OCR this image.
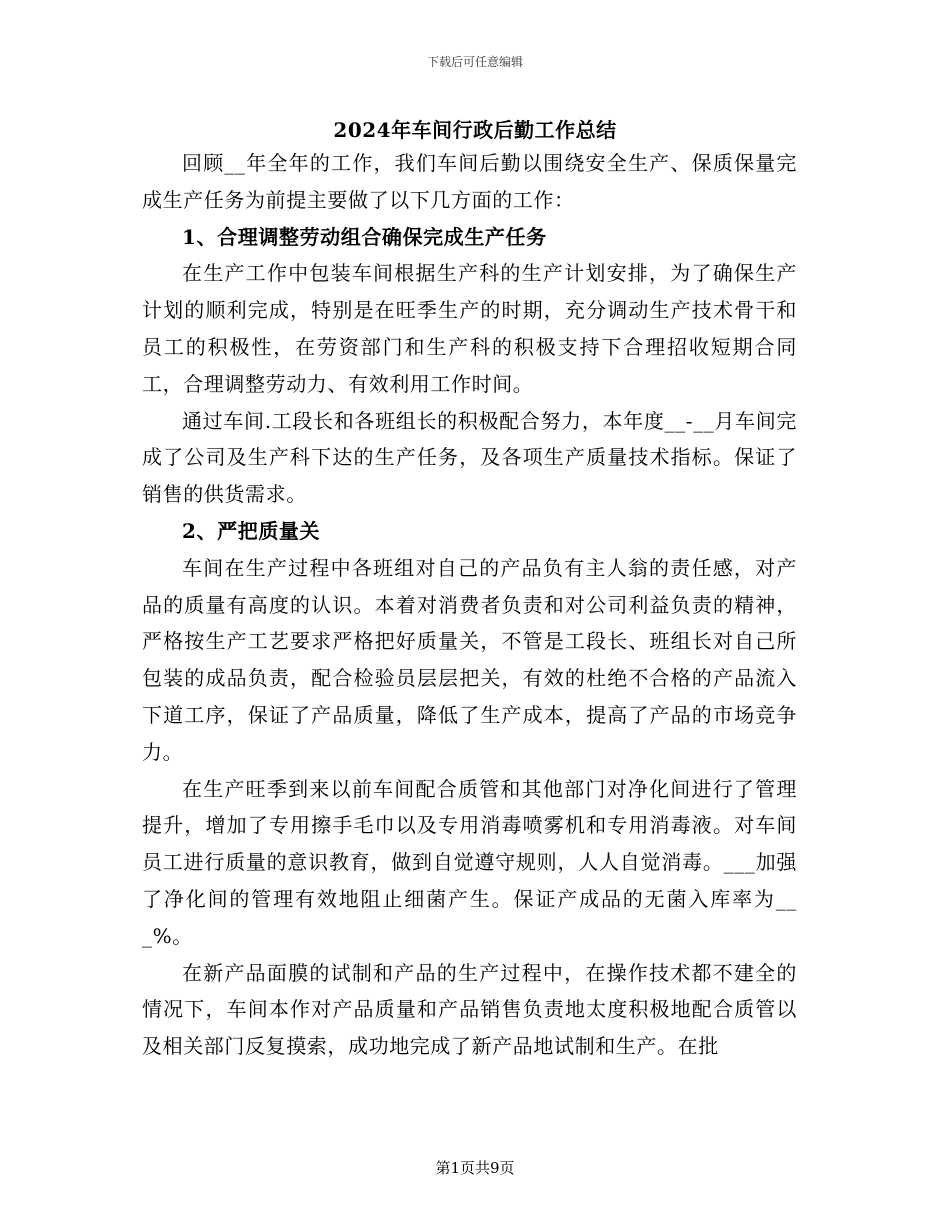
下载后可任意编辑
2024年车间行政后勤工作总结

回顾__年全年的工作，我们车间后勤以围绕安全生产、保质保量完成生产任务为前提主要做了以下几方面的工作：

1、合理调整劳动组合确保完成生产任务

在生产工作中包装车间根据生产科的生产计划安排，为了确保生产计划的顺利完成，特别是在旺季生产的时期，充分调动生产技术骨干和员工的积极性，在劳资部门和生产科的积极支持下合理招收短期合同工，合理调整劳动力、有效利用工作时间。

通过车间.工段长和各班组长的积极配合努力，本年度__-__月车间完成了公司及生产科下达的生产任务，及各项生产质量技术指标。保证了销售的供货需求。

2、严把质量关

车间在生产过程中各班组对自己的产品负有主人翁的责任感，对产品的质量有高度的认识。本着对消费者负责和对公司利益负责的精神，严格按生产工艺要求严格把好质量关，不管是工段长、班组长对自己所包装的成品负责，配合检验员层层把关，有效的杜绝不合格的产品流入下道工序，保证了产品质量，降低了生产成本，提高了产品的市场竞争力。

在生产旺季到来以前车间配合质管和其他部门对净化间进行了管理提升，增加了专用擦手毛巾以及专用消毒喷雾机和专用消毒液。对车间员工进行质量的意识教育，做到自觉遵守规则，人人自觉消毒。___加强了净化间的管理有效地阻止细菌产生。保证产成品的无菌入库率为___%。

在新产品面膜的试制和产品的生产过程中，在操作技术都不建全的情况下，车间本作对产品质量和产品销售负责地太度积极地配合质管以及相关部门反复摸索，成功地完成了新产品地试制和生产。在批

第1页共9页
